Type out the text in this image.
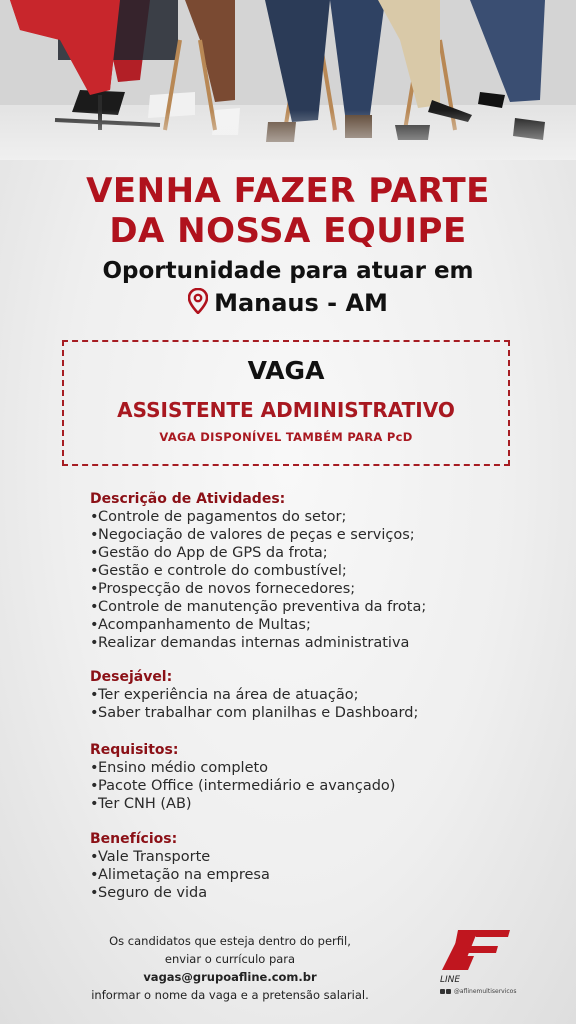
VENHA FAZER PARTE
DA NOSSA EQUIPE
Oportunidade para atuar em
Manaus - AM
VAGA
ASSISTENTE ADMINISTRATIVO
VAGA DISPONÍVEL TAMBÉM PARA PcD
Descrição de Atividades:
•Controle de pagamentos do setor;
•Negociação de valores de peças e serviços;
•Gestão do App de GPS da frota;
•Gestão e controle do combustível;
•Prospecção de novos fornecedores;
•Controle de manutenção preventiva da frota;
•Acompanhamento de Multas;
•Realizar demandas internas administrativa
Desejável:
•Ter experiência na área de atuação;
•Saber trabalhar com planilhas e Dashboard;
Requisitos:
•Ensino médio completo
•Pacote Office (intermediário e avançado)
•Ter CNH (AB)
Benefícios:
•Vale Transporte
•Alimetação na empresa
•Seguro de vida
Os candidatos que esteja dentro do perfil,
enviar o currículo para
vagas@grupoafline.com.br
informar o nome da vaga e a pretensão salarial.
LINE
@aflinemultiservicos
